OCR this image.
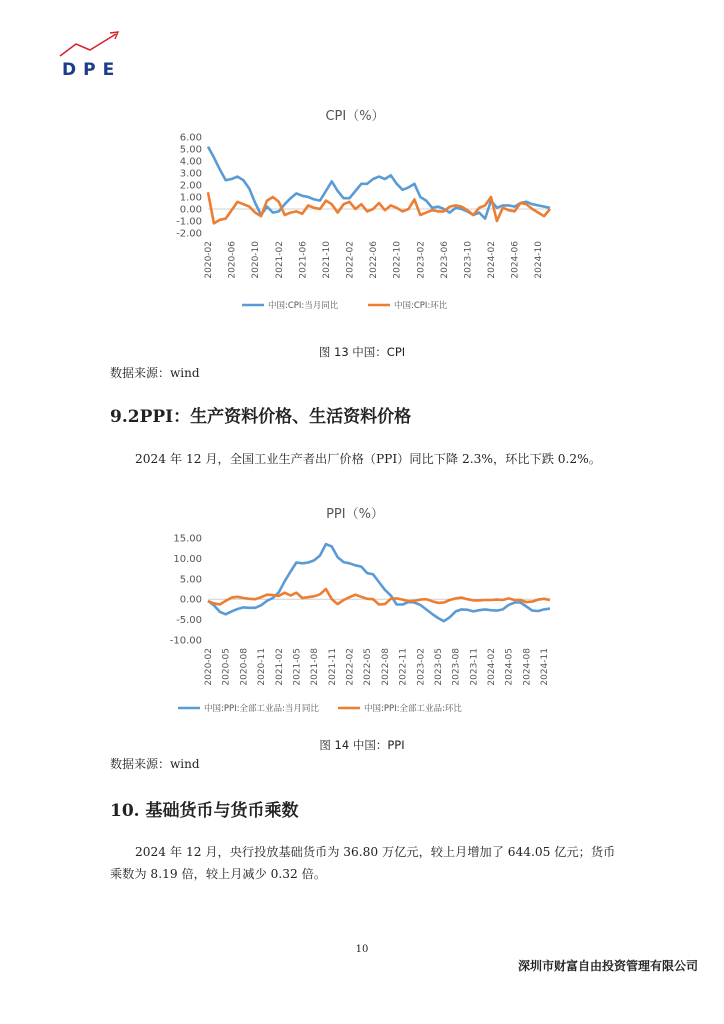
DPE
CPI（%）
6.00
5.00
4.00
3.00
2.00
1.00
0.00
-1.00
-2.00
2020-02 2020-06 2020-10 2021-02 2021-06 2021-10 2022-02 2022-06 2022-10 2023-02 2023-06 2023-10 2024-02 2024-06 2024-10
中国:CPI:当月同比	中国:CPI:环比
图 13 中国：CPI
数据来源：wind
9.2PPI：生产资料价格、生活资料价格
2024 年 12 月，全国工业生产者出厂价格（PPI）同比下降 2.3%，环比下跌 0.2%。
PPI（%）
15.00
10.00
5.00
0.00
-5.00
-10.00
2020-02 2020-05 2020-08 2020-11 2021-02 2021-05 2021-08 2021-11 2022-02 2022-05 2022-08 2022-11 2023-02 2023-05 2023-08 2023-11 2024-02 2024-05 2024-08 2024-11
中国:PPI:全部工业品:当月同比	中国:PPI:全部工业品:环比
图 14 中国：PPI
数据来源：wind
10. 基础货币与货币乘数
2024 年 12 月，央行投放基础货币为 36.80 万亿元，较上月增加了 644.05 亿元；货币乘数为 8.19 倍，较上月减少 0.32 倍。
10
深圳市财富自由投资管理有限公司
